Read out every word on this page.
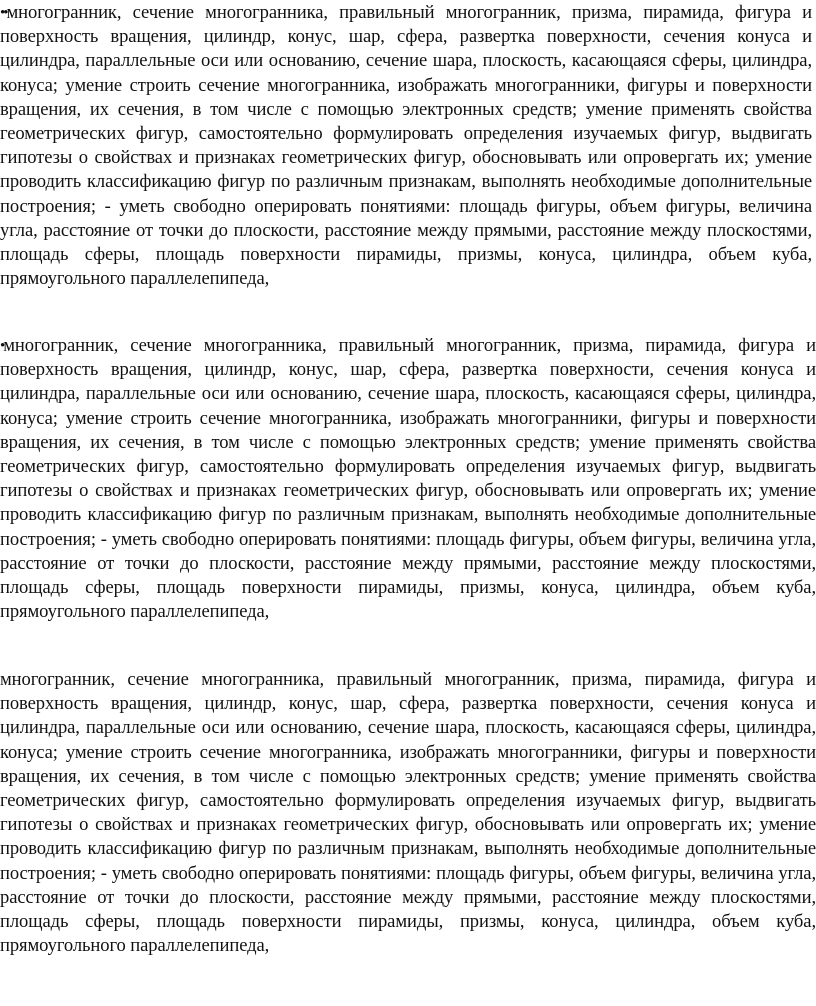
••многогранник, сечение многогранника, правильный многогранник, призма, пирамида, фигура и поверхность вращения, цилиндр, конус, шар, сфера, развертка поверхности, сечения конуса и цилиндра, параллельные оси или основанию, сечение шара, плоскость, касающаяся сферы, цилиндра, конуса; умение строить сечение многогранника, изображать многогранники, фигуры и поверхности вращения, их сечения, в том числе с помощью электронных средств; умение применять свойства геометрических фигур, самостоятельно формулировать определения изучаемых фигур, выдвигать гипотезы о свойствах и признаках геометрических фигур, обосновывать или опровергать их; умение проводить классификацию фигур по различным признакам, выполнять необходимые дополнительные построения; - уметь свободно оперировать понятиями: площадь фигуры, объем фигуры, величина угла, расстояние от точки до плоскости, расстояние между прямыми, расстояние между плоскостями, площадь сферы, площадь поверхности пирамиды, призмы, конуса, цилиндра, объем куба, прямоугольного параллелепипеда,

•многогранник, сечение многогранника, правильный многогранник, призма, пирамида, фигура и поверхность вращения, цилиндр, конус, шар, сфера, развертка поверхности, сечения конуса и цилиндра, параллельные оси или основанию, сечение шара, плоскость, касающаяся сферы, цилиндра, конуса; умение строить сечение многогранника, изображать многогранники, фигуры и поверхности вращения, их сечения, в том числе с помощью электронных средств; умение применять свойства геометрических фигур, самостоятельно формулировать определения изучаемых фигур, выдвигать гипотезы о свойствах и признаках геометрических фигур, обосновывать или опровергать их; умение проводить классификацию фигур по различным признакам, выполнять необходимые дополнительные построения; - уметь свободно оперировать понятиями: площадь фигуры, объем фигуры, величина угла, расстояние от точки до плоскости, расстояние между прямыми, расстояние между плоскостями, площадь сферы, площадь поверхности пирамиды, призмы, конуса, цилиндра, объем куба, прямоугольного параллелепипеда,

многогранник, сечение многогранника, правильный многогранник, призма, пирамида, фигура и поверхность вращения, цилиндр, конус, шар, сфера, развертка поверхности, сечения конуса и цилиндра, параллельные оси или основанию, сечение шара, плоскость, касающаяся сферы, цилиндра, конуса; умение строить сечение многогранника, изображать многогранники, фигуры и поверхности вращения, их сечения, в том числе с помощью электронных средств; умение применять свойства геометрических фигур, самостоятельно формулировать определения изучаемых фигур, выдвигать гипотезы о свойствах и признаках геометрических фигур, обосновывать или опровергать их; умение проводить классификацию фигур по различным признакам, выполнять необходимые дополнительные построения; - уметь свободно оперировать понятиями: площадь фигуры, объем фигуры, величина угла, расстояние от точки до плоскости, расстояние между прямыми, расстояние между плоскостями, площадь сферы, площадь поверхности пирамиды, призмы, конуса, цилиндра, объем куба, прямоугольного параллелепипеда,
